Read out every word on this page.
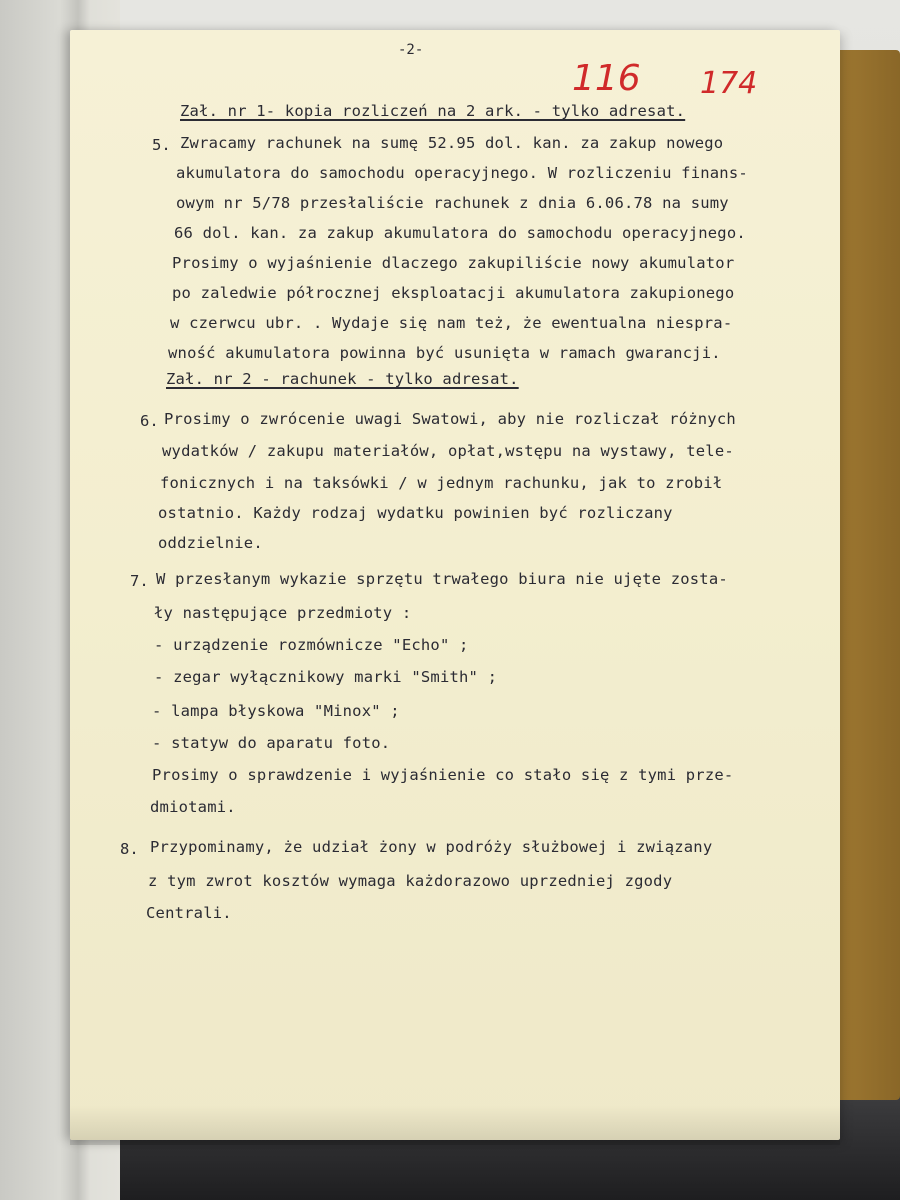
-2-
116 174
Zał. nr 1- kopia rozliczeń na 2 ark. - tylko adresat.
5. Zwracamy rachunek na sumę 52.95 dol. kan. za zakup nowego
akumulatora do samochodu operacyjnego. W rozliczeniu finans-
owym nr 5/78 przesłaliście rachunek z dnia 6.06.78 na sumy
66 dol. kan. za zakup akumulatora do samochodu operacyjnego.
Prosimy o wyjaśnienie dlaczego zakupiliście nowy akumulator
po zaledwie półrocznej eksploatacji akumulatora zakupionego
w czerwcu ubr. . Wydaje się nam też, że ewentualna niespra-
wność akumulatora powinna być usunięta w ramach gwarancji.
Zał. nr 2 - rachunek - tylko adresat.
6. Prosimy o zwrócenie uwagi Swatowi, aby nie rozliczał różnych
wydatków / zakupu materiałów, opłat,wstępu na wystawy, tele-
fonicznych i na taksówki / w jednym rachunku, jak to zrobił
ostatnio. Każdy rodzaj wydatku powinien być rozliczany
oddzielnie.
7. W przesłanym wykazie sprzętu trwałego biura nie ujęte zosta-
ły następujące przedmioty :
- urządzenie rozmównicze "Echo" ;
- zegar wyłącznikowy marki "Smith" ;
- lampa błyskowa "Minox" ;
- statyw do aparatu foto.
Prosimy o sprawdzenie i wyjaśnienie co stało się z tymi prze-
dmiotami.
8. Przypominamy, że udział żony w podróży służbowej i związany
z tym zwrot kosztów wymaga każdorazowo uprzedniej zgody
Centrali.
